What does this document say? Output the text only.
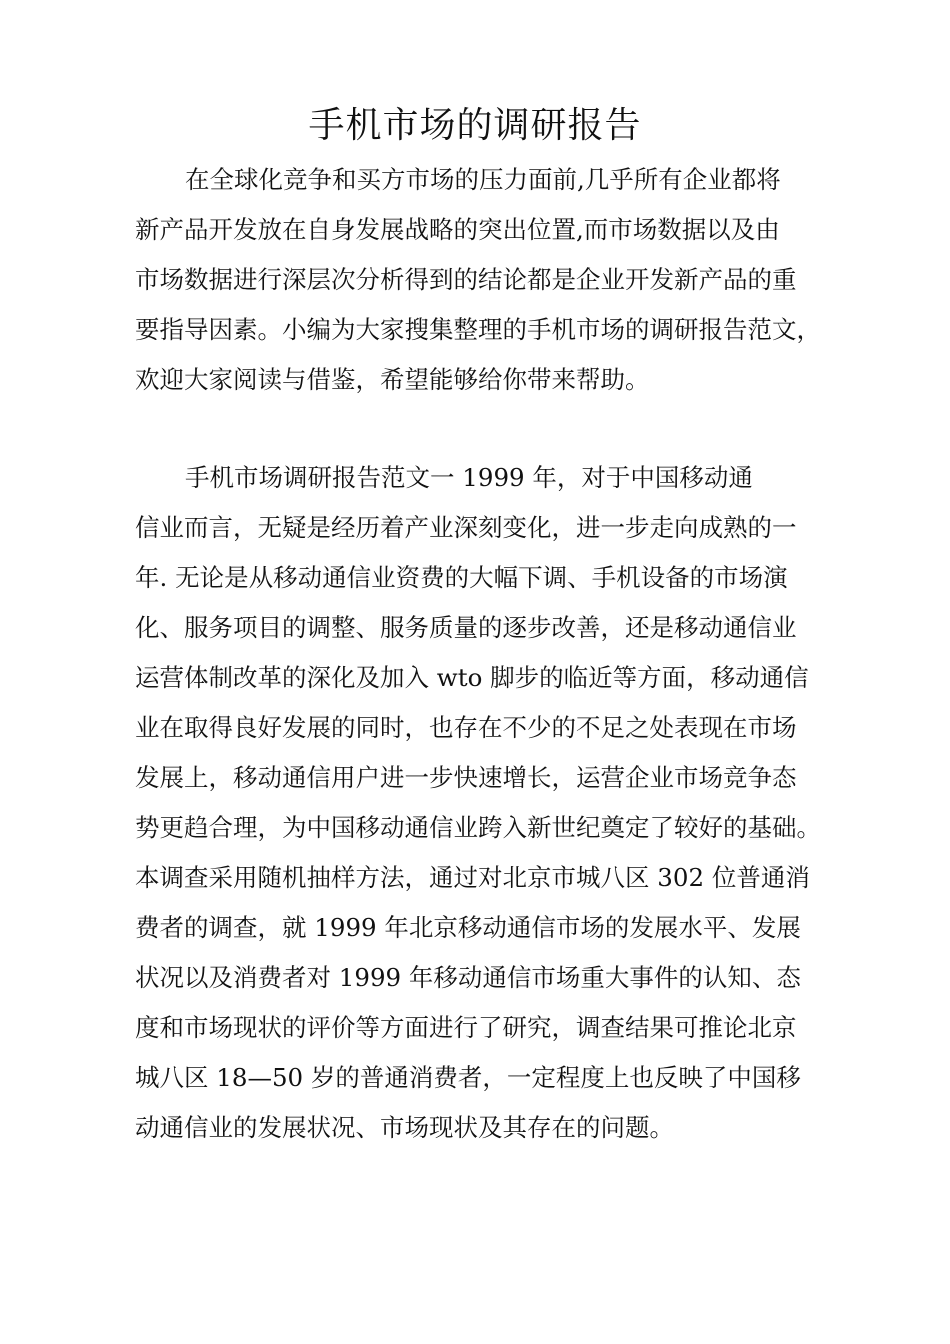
手机市场的调研报告

在全球化竞争和买方市场的压力面前,几乎所有企业都将

新产品开发放在自身发展战略的突出位置,而市场数据以及由

市场数据进行深层次分析得到的结论都是企业开发新产品的重

要指导因素。小编为大家搜集整理的手机市场的调研报告范文，

欢迎大家阅读与借鉴，希望能够给你带来帮助。

手机市场调研报告范文一 1999 年，对于中国移动通

信业而言，无疑是经历着产业深刻变化，进一步走向成熟的一

年. 无论是从移动通信业资费的大幅下调、手机设备的市场演

化、服务项目的调整、服务质量的逐步改善，还是移动通信业

运营体制改革的深化及加入 wto 脚步的临近等方面，移动通信

业在取得良好发展的同时，也存在不少的不足之处表现在市场

发展上，移动通信用户进一步快速增长，运营企业市场竞争态

势更趋合理，为中国移动通信业跨入新世纪奠定了较好的基础。

本调查采用随机抽样方法，通过对北京市城八区 302 位普通消

费者的调查，就 1999 年北京移动通信市场的发展水平、发展

状况以及消费者对 1999 年移动通信市场重大事件的认知、态

度和市场现状的评价等方面进行了研究，调查结果可推论北京

城八区 18—50 岁的普通消费者，一定程度上也反映了中国移

动通信业的发展状况、市场现状及其存在的问题。
